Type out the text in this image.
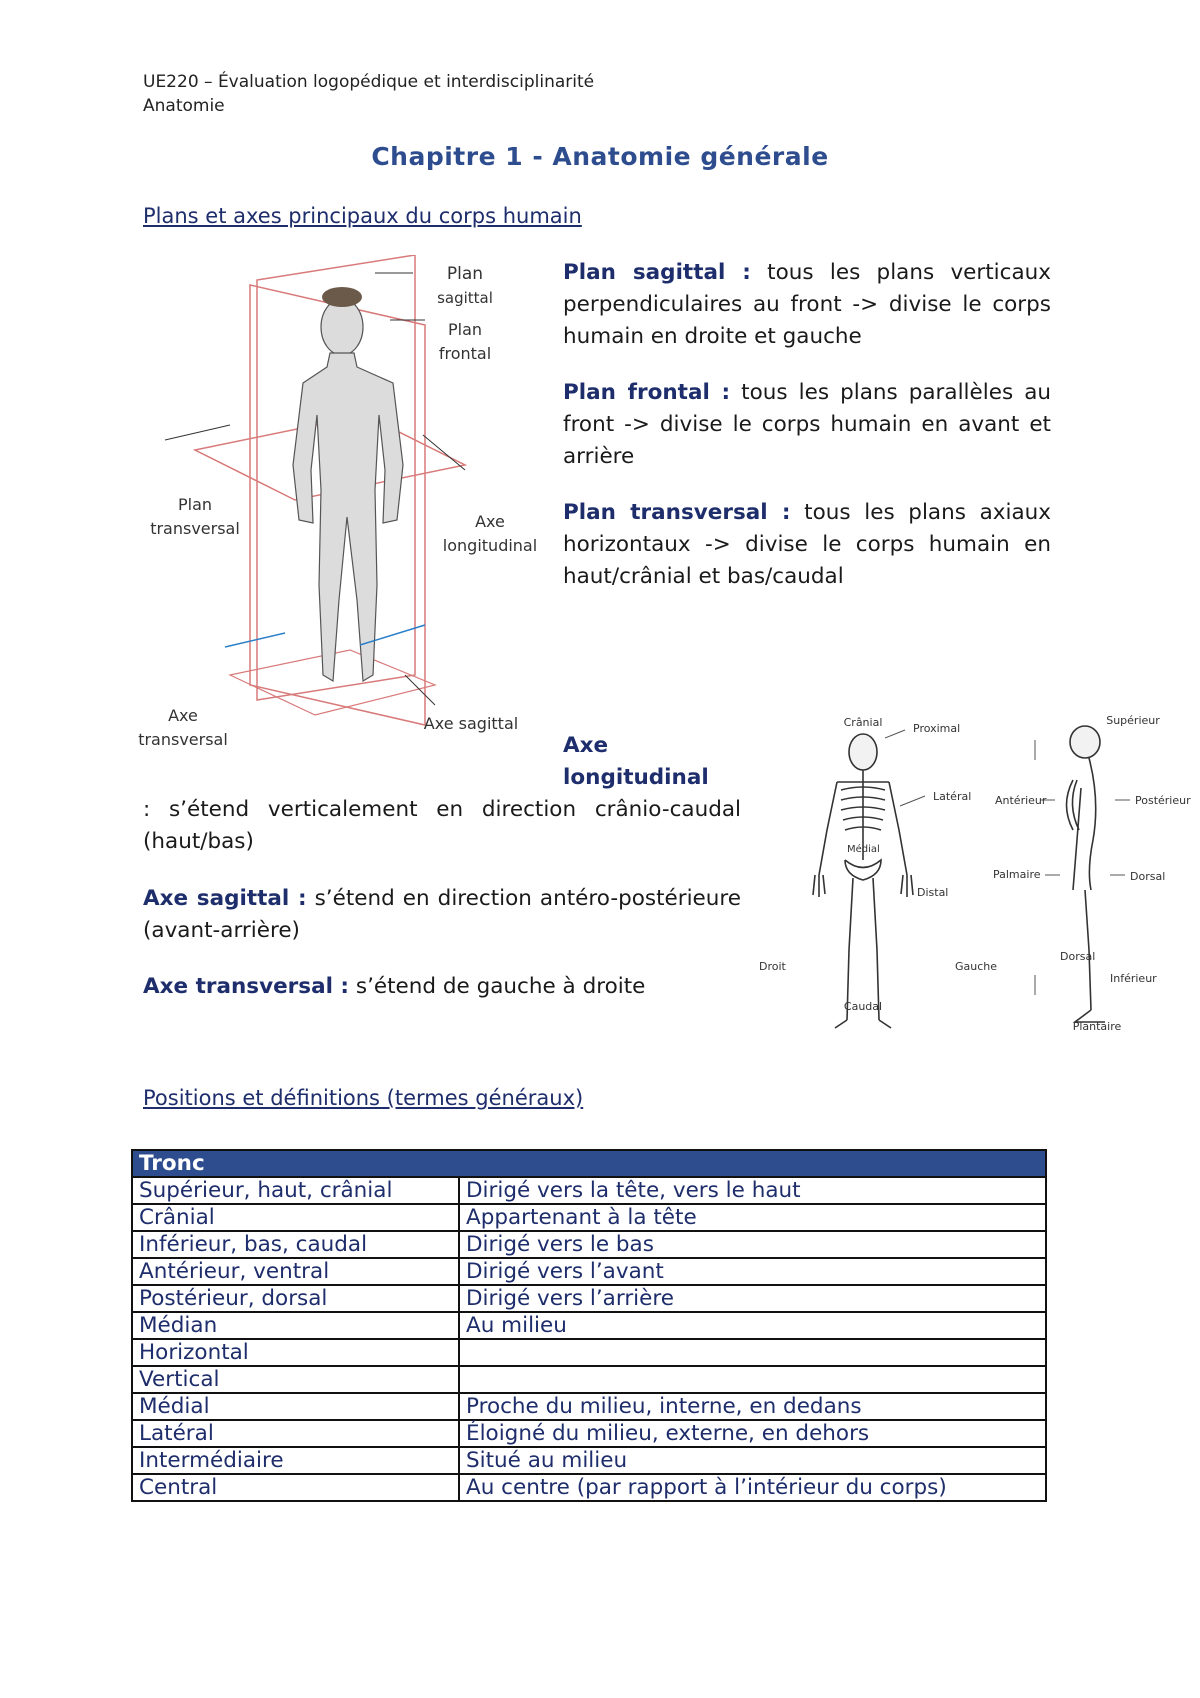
UE220 – Évaluation logopédique et interdisciplinarité
Anatomie
Chapitre 1 - Anatomie générale
Plans et axes principaux du corps humain
Plan
sagittal
Plan
frontal
Plan
transversal	Axe
longitudinal
Axe
transversal
Axe sagittal
Plan sagittal : tous les plans verticaux perpendiculaires au front -> divise le corps humain en droite et gauche
Plan frontal : tous les plans parallèles au front -> divise le corps humain en avant et arrière
Plan transversal : tous les plans axiaux horizontaux -> divise le corps humain en haut/crânial et bas/caudal
Axe
longitudinal
: s’étend verticalement en direction crânio-caudal (haut/bas)
Axe sagittal : s’étend en direction antéro-postérieure (avant-arrière)
Axe transversal : s’étend de gauche à droite
Crânial	Proximal
Médial
Latéral
Distal
Droit	Gauche
Caudal
Supérieur
Antérieur	Postérieur
Palmaire	Dorsal
Dorsal
Inférieur
Plantaire
Positions et définitions (termes généraux)
Tronc	
Supérieur, haut, crânial	Dirigé vers la tête, vers le haut
Crânial	Appartenant à la tête
Inférieur, bas, caudal	Dirigé vers le bas
Antérieur, ventral	Dirigé vers l’avant
Postérieur, dorsal	Dirigé vers l’arrière
Médian	Au milieu
Horizontal	
Vertical	
Médial	Proche du milieu, interne, en dedans
Latéral	Éloigné du milieu, externe, en dehors
Intermédiaire	Situé au milieu
Central	Au centre (par rapport à l’intérieur du corps)
